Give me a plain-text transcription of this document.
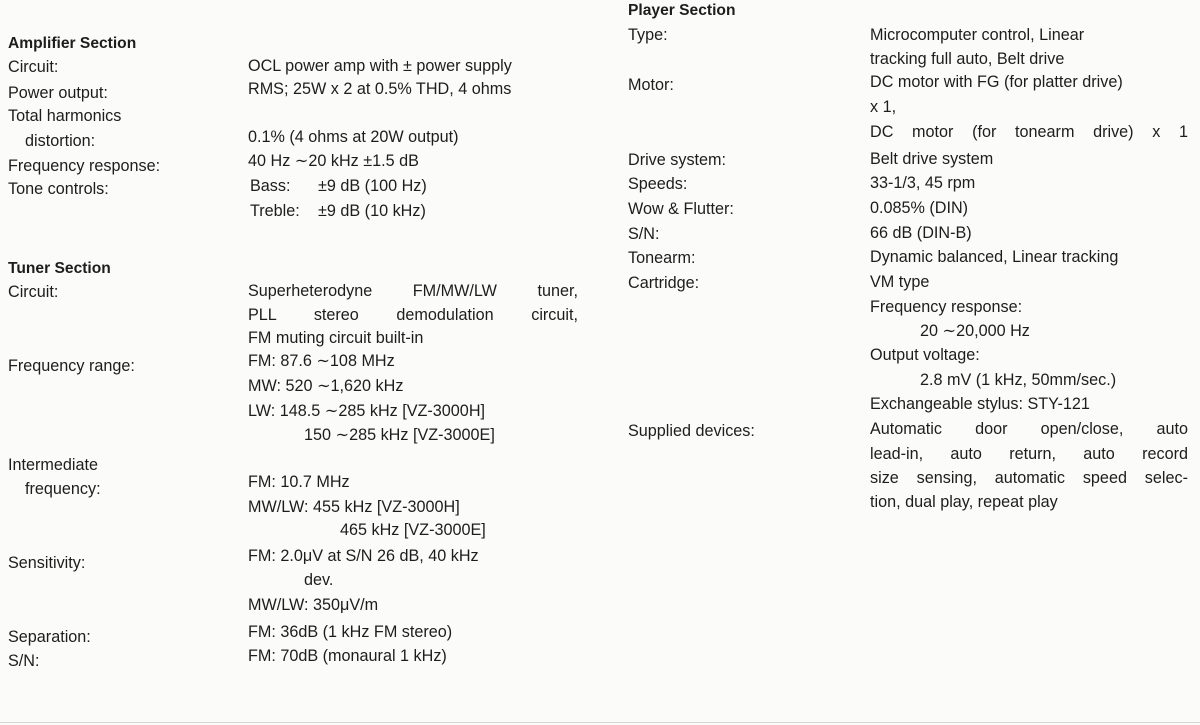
Amplifier Section
Circuit:	OCL power amp with ± power supply
Power output:	RMS; 25W x 2 at 0.5% THD, 4 ohms
Total harmonics
distortion:	0.1% (4 ohms at 20W output)
Frequency response:	40 Hz ∼20 kHz ±1.5 dB
Tone controls:	Bass: ±9 dB (100 Hz)
Treble: ±9 dB (10 kHz)
Tuner Section
Circuit:	Superheterodyne FM/MW/LW tuner,
PLL stereo demodulation circuit,
FM muting circuit built-in
Frequency range:	FM: 87.6 ∼108 MHz
MW: 520 ∼1,620 kHz
LW: 148.5 ∼285 kHz [VZ-3000H]
150 ∼285 kHz [VZ-3000E]
Intermediate
frequency:	FM: 10.7 MHz
MW/LW: 455 kHz [VZ-3000H]
465 kHz [VZ-3000E]
Sensitivity:	FM: 2.0μV at S/N 26 dB, 40 kHz
dev.
MW/LW: 350μV/m
Separation:	FM: 36dB (1 kHz FM stereo)
S/N:	FM: 70dB (monaural 1 kHz)
Player Section
Type:	Microcomputer control, Linear
tracking full auto, Belt drive
Motor:	DC motor with FG (for platter drive)
x 1,
DC motor (for tonearm drive) x 1
Drive system:	Belt drive system
Speeds:	33-1/3, 45 rpm
Wow & Flutter:	0.085% (DIN)
S/N:	66 dB (DIN-B)
Tonearm:	Dynamic balanced, Linear tracking
Cartridge:	VM type
Frequency response:
20 ∼20,000 Hz
Output voltage:
2.8 mV (1 kHz, 50mm/sec.)
Exchangeable stylus: STY-121
Supplied devices:	Automatic door open/close, auto
lead-in, auto return, auto record
size sensing, automatic speed selec-
tion, dual play, repeat play
